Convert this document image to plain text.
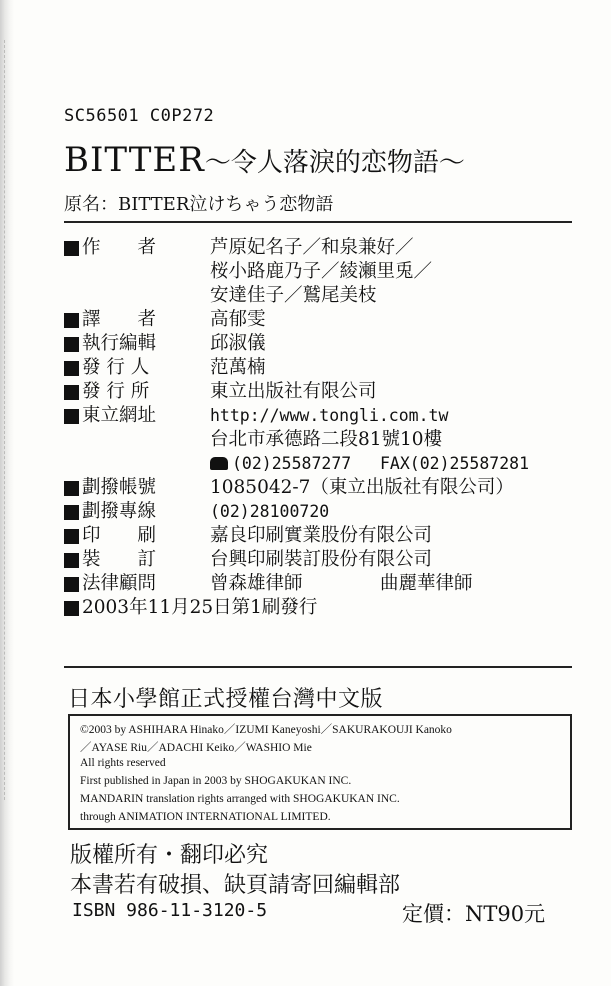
SC56501 C0P272
BITTER～令人落淚的恋物語～
原名：BITTER泣けちゃう恋物語
作　　者	芦原妃名子／和泉兼好／
桜小路鹿乃子／綾瀬里兎／
安達佳子／鷲尾美枝
譯　　者	高郁雯
執行編輯	邱淑儀
發 行 人	范萬楠
發 行 所	東立出版社有限公司
東立網址	http://www.tongli.com.tw
台北市承德路二段81號10樓
(02)25587277 FAX(02)25587281
劃撥帳號	1085042-7（東立出版社有限公司）
劃撥專線	(02)28100720
印　　刷	嘉良印刷實業股份有限公司
裝　　訂	台興印刷裝訂股份有限公司
法律顧問	曾森雄律師	曲麗華律師
2003年11月25日第1刷發行
日本小學館正式授權台灣中文版
©2003 by ASHIHARA Hinako／IZUMI Kaneyoshi／SAKURAKOUJI Kanoko
／AYASE Riu／ADACHI Keiko／WASHIO Mie
All rights reserved
First published in Japan in 2003 by SHOGAKUKAN INC.
MANDARIN translation rights arranged with SHOGAKUKAN INC.
through ANIMATION INTERNATIONAL LIMITED.
版權所有・翻印必究
本書若有破損、缺頁請寄回編輯部
ISBN 986-11-3120-5	定價：NT90元
